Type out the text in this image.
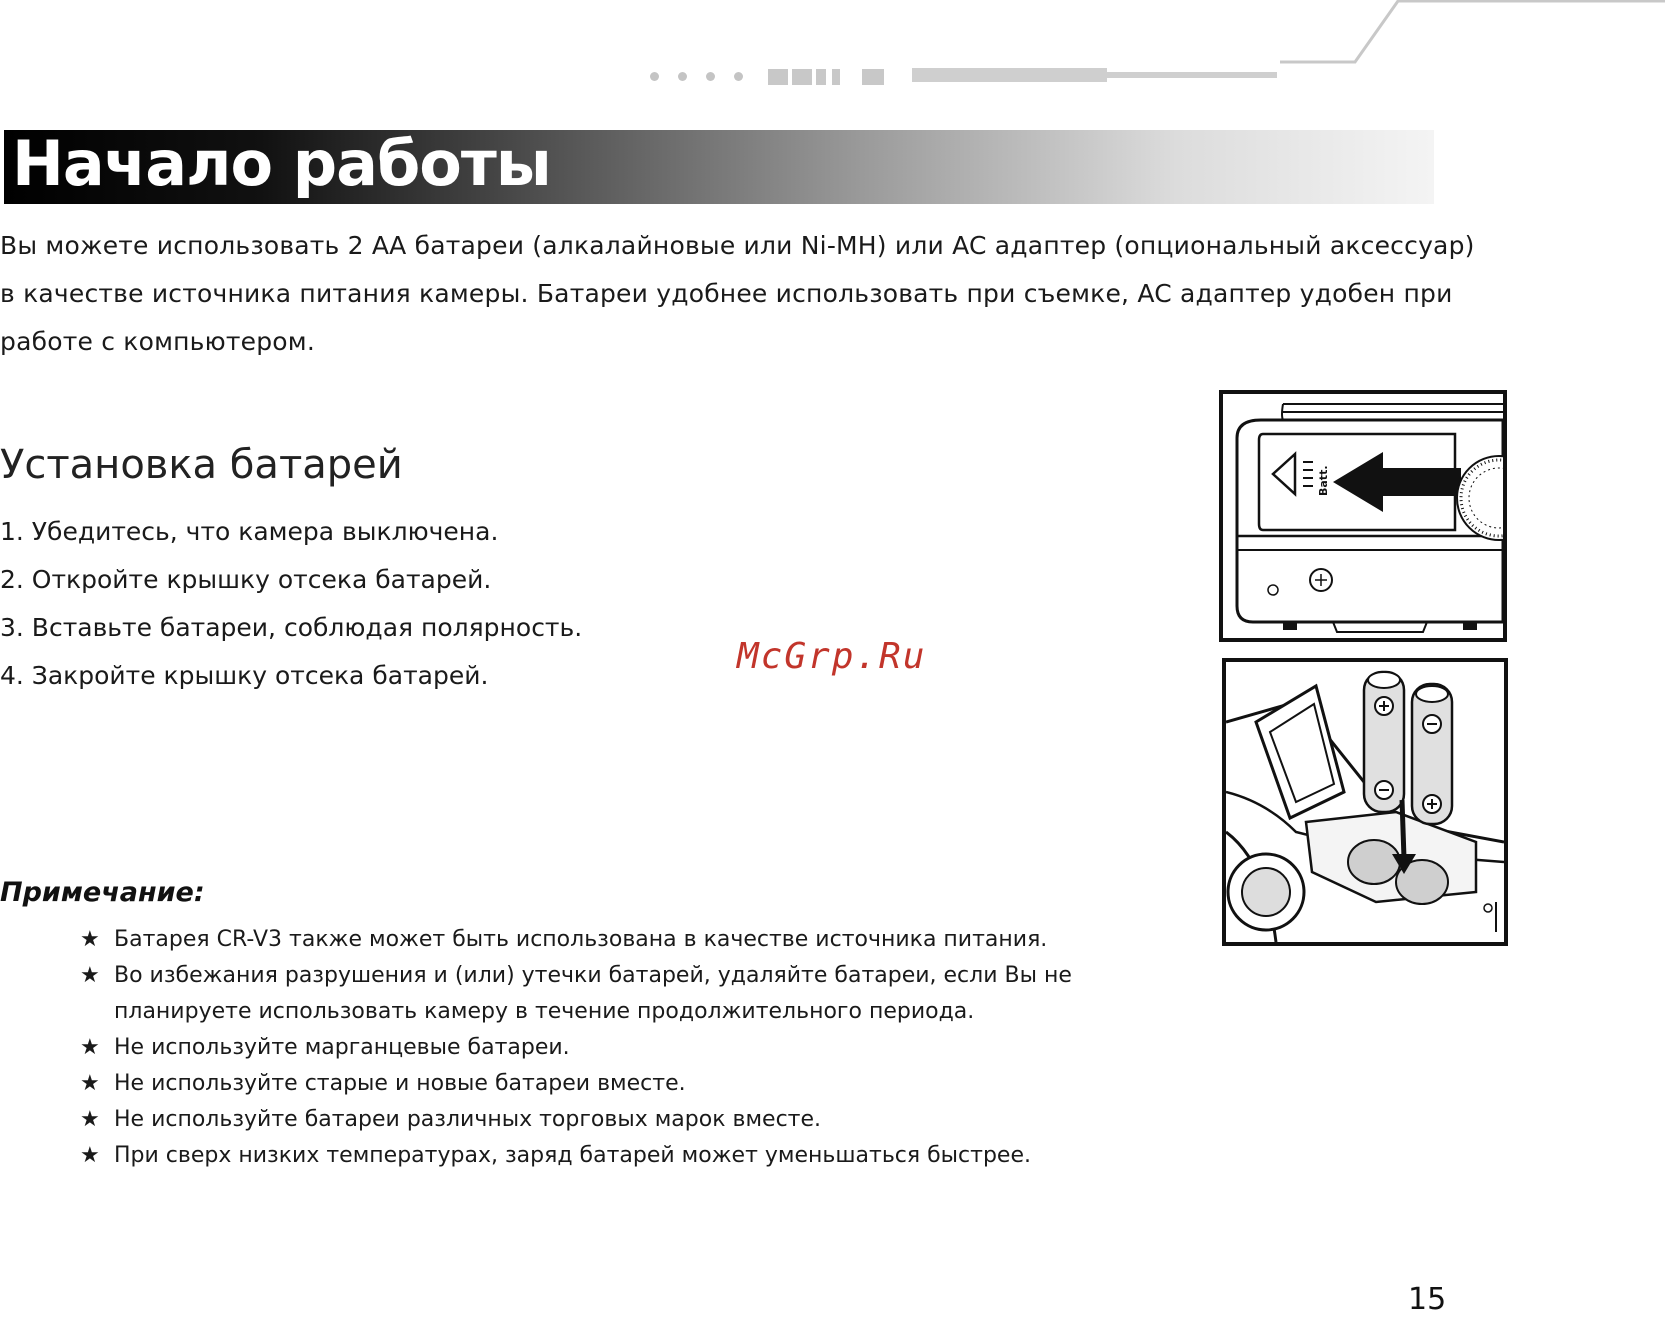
Начало работы

Вы можете использовать 2 АА батареи (алкалайновые или Ni-MH) или AC адаптер (опциональный аксессуар)

в качестве источника питания камеры. Батареи удобнее использовать при съемке, AC адаптер удобен при

работе с компьютером.

Установка батарей
1. Убедитесь, что камера выключена.
2. Откройте крышку отсека батарей.
3. Вставьте батареи, соблюдая полярность.
4. Закройте крышку отсека батарей.	McGrp.Ru
Batt.
Примечание:
★ Батарея CR-V3 также может быть использована в качестве источника питания.
★ Во избежания разрушения и (или) утечки батарей, удаляйте батареи, если Вы не планируете использовать камеру в течение продолжительного периода.
★ Не используйте марганцевые батареи.
★ Не используйте старые и новые батареи вместе.
★ Не используйте батареи различных торговых марок вместе.
★ При сверх низких температурах, заряд батарей может уменьшаться быстрее.
15
